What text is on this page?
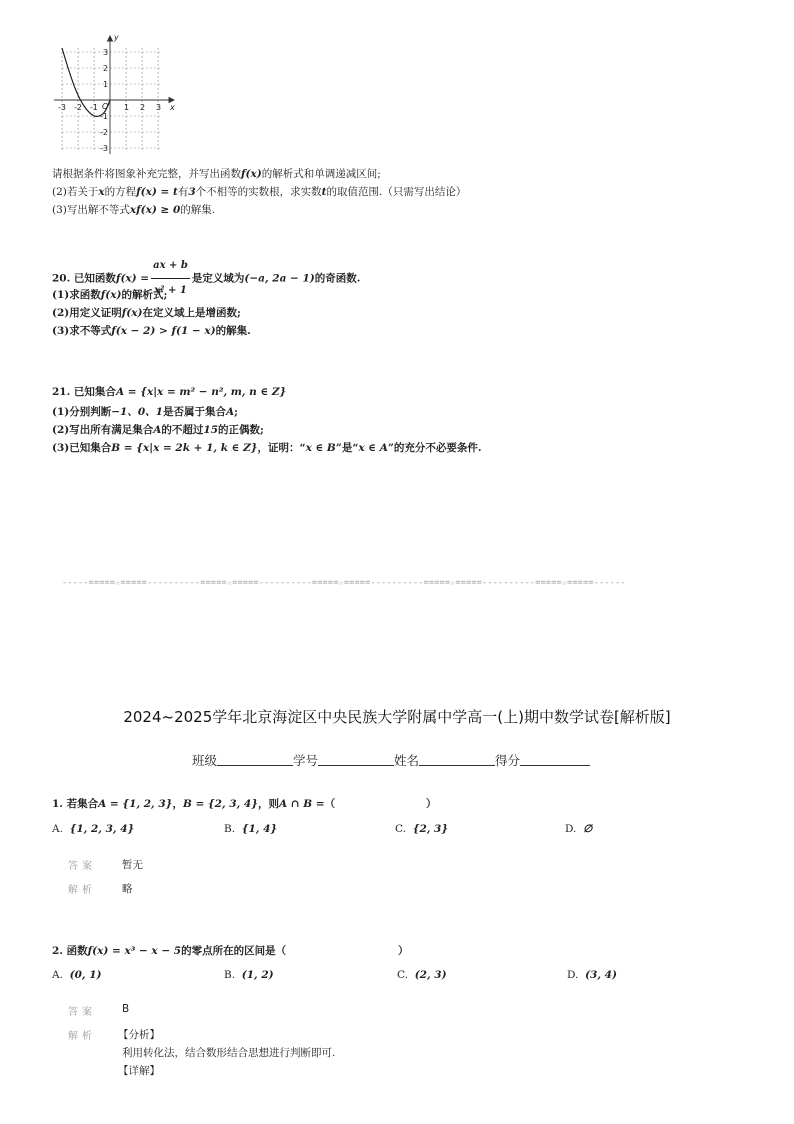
y
x
O
-3 -2 -1	1 2 3
3
2
1
-1
-2
-3
请根据条件将图象补充完整，并写出函数f(x)的解析式和单调递减区间;
(2)若关于x的方程f(x) = t有3个不相等的实数根，求实数t的取值范围.（只需写出结论）
(3)写出解不等式xf(x) ≥ 0的解集.
20. 已知函数$f(x) = \frac{ax + b}{\text{x² + 1}}$ 是定义域为(−a, 2a − 1)的奇函数.
(1)求函数f(x)的解析式;
(2)用定义证明f(x)在定义域上是增函数;
(3)求不等式f(x − 2) > f(1 − x)的解集.
21. 已知集合A = {x|x = m² − n², m, n ∈ Z}
(1)分别判断−1、0、1是否属于集合A;
(2)写出所有满足集合A的不超过15的正偶数;
(3)已知集合B = {x|x = 2k + 1, k ∈ Z}，证明：“x ∈ B”是“x ∈ A”的充分不必要条件.
-----=====☆=====----------=====☆=====----------=====☆=====----------=====☆=====----------=====☆=====------
2024~2025学年北京海淀区中央民族大学附属中学高一(上)期中数学试卷[解析版]
班级	学号	姓名	得分
1. 若集合A = {1, 2, 3}，B = {2, 3, 4}，则A ∩ B =（	）
A. {1, 2, 3, 4}	B. {1, 4}	C. {2, 3}	D. ∅
答案 暂无
解析 略
2. 函数f(x) = x³ − x − 5的零点所在的区间是（	）
A. (0, 1)	B. (1, 2)	C. (2, 3)	D. (3, 4)
答案 B
解析 【分析】
利用转化法，结合数形结合思想进行判断即可.
【详解】
